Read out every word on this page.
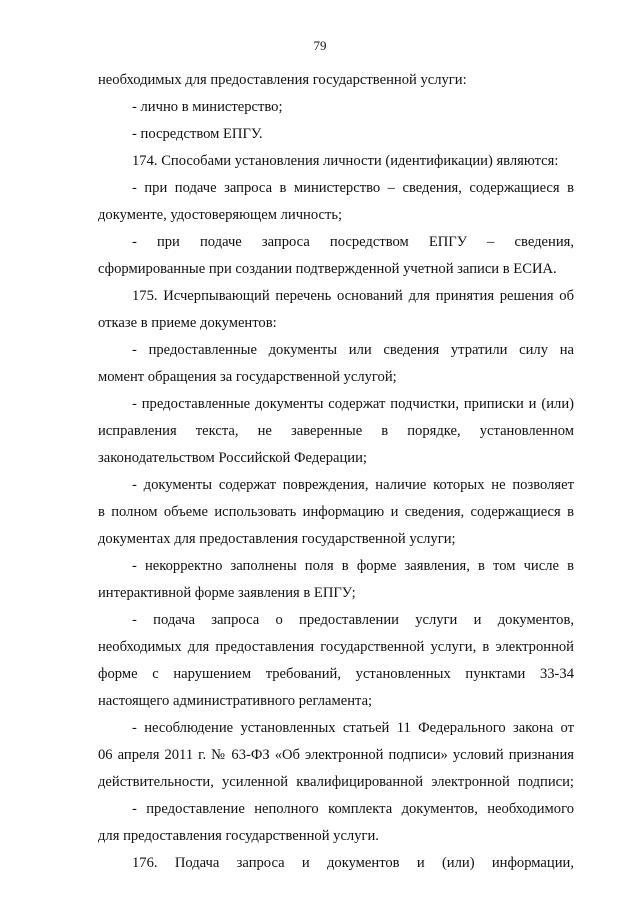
79
необходимых для предоставления государственной услуги:
- лично в министерство;
- посредством ЕПГУ.
174. Способами установления личности (идентификации) являются:
- при подаче запроса в министерство – сведения, содержащиеся в
документе, удостоверяющем личность;
- при подаче запроса посредством ЕПГУ – сведения,
сформированные при создании подтвержденной учетной записи в ЕСИА.
175. Исчерпывающий перечень оснований для принятия решения об
отказе в приеме документов:
- предоставленные документы или сведения утратили силу на
момент обращения за государственной услугой;
- предоставленные документы содержат подчистки, приписки и (или)
исправления текста, не заверенные в порядке, установленном
законодательством Российской Федерации;
- документы содержат повреждения, наличие которых не позволяет
в полном объеме использовать информацию и сведения, содержащиеся в
документах для предоставления государственной услуги;
- некорректно заполнены поля в форме заявления, в том числе в
интерактивной форме заявления в ЕПГУ;
- подача запроса о предоставлении услуги и документов,
необходимых для предоставления государственной услуги, в электронной
форме с нарушением требований, установленных пунктами 33-34
настоящего административного регламента;
- несоблюдение установленных статьей 11 Федерального закона от
06 апреля 2011 г. № 63-ФЗ «Об электронной подписи» условий признания
действительности, усиленной квалифицированной электронной подписи;
- предоставление неполного комплекта документов, необходимого
для предоставления государственной услуги.
176. Подача запроса и документов и (или) информации,
